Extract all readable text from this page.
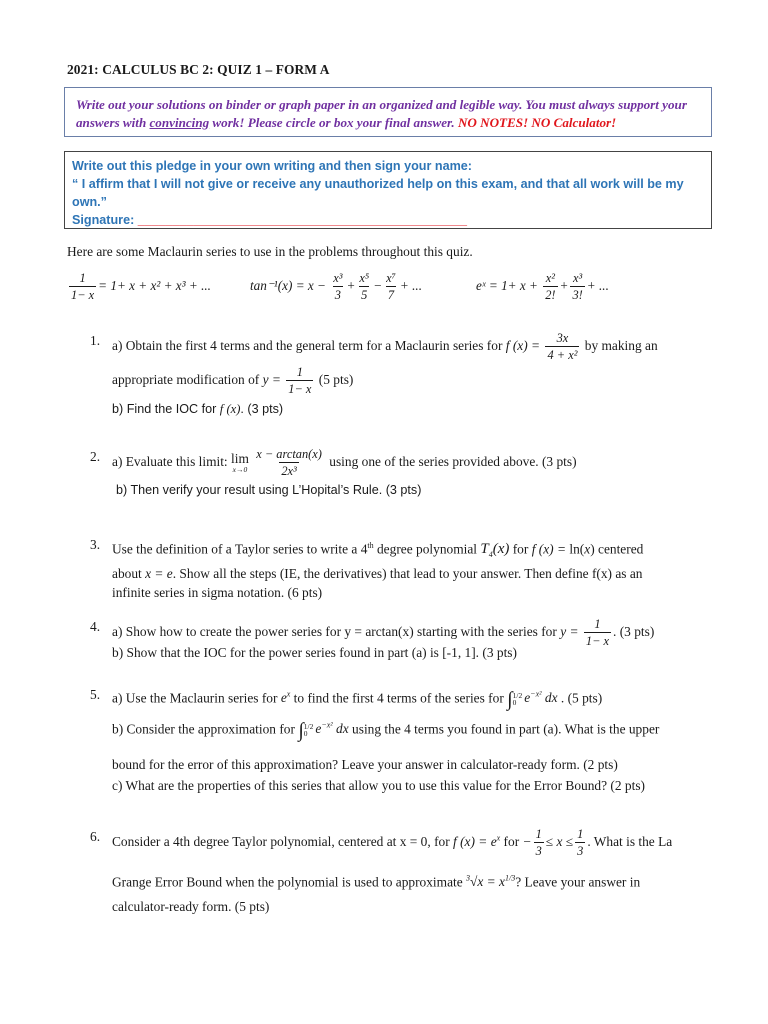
2021: CALCULUS BC 2: QUIZ 1 – FORM A
Write out your solutions on binder or graph paper in an organized and legible way. You must always support your answers with convincing work! Please circle or box your final answer. NO NOTES! NO Calculator!
Write out this pledge in your own writing and then sign your name:
“ I affirm that I will not give or receive any unauthorized help on this exam, and that all work will be my own.”
Signature: _______________________________________________
Here are some Maclaurin series to use in the problems throughout this quiz.
$\frac{1}{1- x} = 1+ x + x^2 + x^3$ + ...	$\tan^{-1}(x) = x - \frac{\text{x³}}{3} + \frac{\text{x⁵}}{5} - \frac{\text{x⁷}}{7}$ + ...	eˣ = $1+ x + \frac{\text{x²}}{2!} + \frac{\text{x³}}{3!}$ + ...
1. a) Obtain the first 4 terms and the general term for a Maclaurin series for f $(x) = \frac{3x}{\text{4 + x²}}$ by making an
appropriate modification of $y = \frac{1}{1- x} (5$ pts)
b) Find the IOC for f (x). (3 pts)
2. a) Evaluate this limit: lim
x→0
$\frac{x - \arctan(x)}{\text{2x³}}$ using one of the series provided above. (3 pts)
b) Then verify your result using L’Hopital’s Rule. (3 pts)
3. Use the definition of a Taylor series to write a 4th degree polynomial $T_4(x)$ for f (x) = ln(x) centered
about x = e. Show all the steps (IE, the derivatives) that lead to your answer. Then define f(x) as an
infinite series in sigma notation. (6 pts)
4. a) Show how to create the power series for y = arctan(x) starting with the series for $y = \frac{1}{1- x}$ . (3 pts)
b) Show that the IOC for the power series found in part (a) is [-1, 1]. (3 pts)
5. a) Use the Maclaurin series for $e^x$ to find the first 4 terms of the series for ∫ 1/2
0 $e^{-x^2}$ dx . (5 pts)
b) Consider the approximation for ∫ 1/2
0 $e^{-x^2}$ dx using the 4 terms you found in part (a). What is the upper
bound for the error of this approximation? Leave your answer in calculator-ready form. (2 pts)
c) What are the properties of this series that allow you to use this value for the Error Bound? (2 pts)
6. Consider a 4th degree Taylor polynomial, centered at x = 0, for f $(x) = e^x$ for − $\frac{1}{3} \le x \le \frac{1}{3}$ . What is the La
Grange Error Bound when the polynomial is used to approximate $^3√x = x^{1/3}$? Leave your answer in
calculator-ready form. (5 pts)
